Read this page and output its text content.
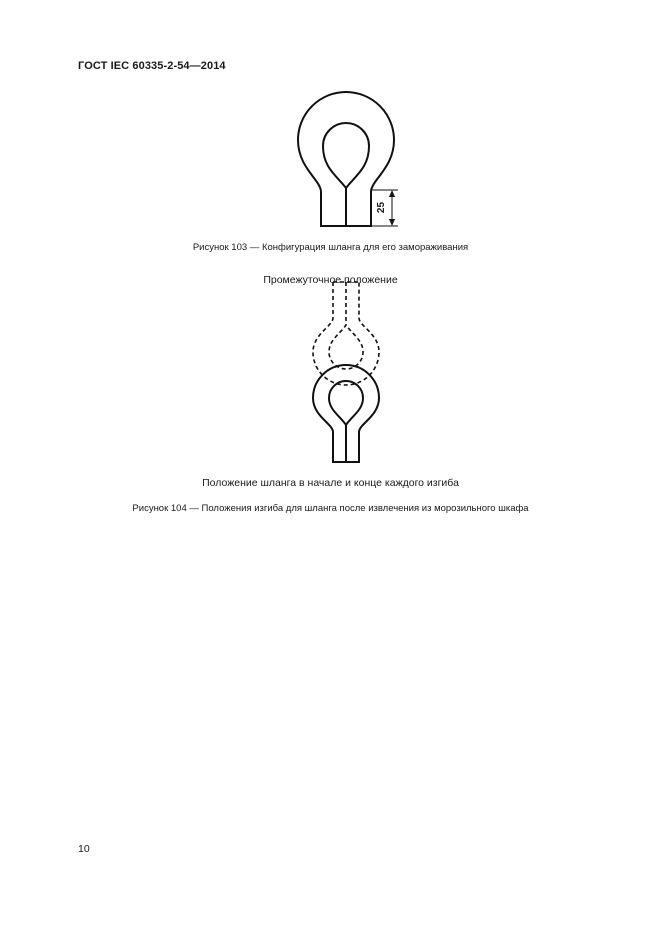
ГОСТ IEC 60335-2-54—2014
25
Рисунок 103 — Конфигурация шланга для его замораживания
Промежуточное положение
Положение шланга в начале и конце каждого изгиба
Рисунок 104 — Положения изгиба для шланга после извлечения из морозильного шкафа
10
